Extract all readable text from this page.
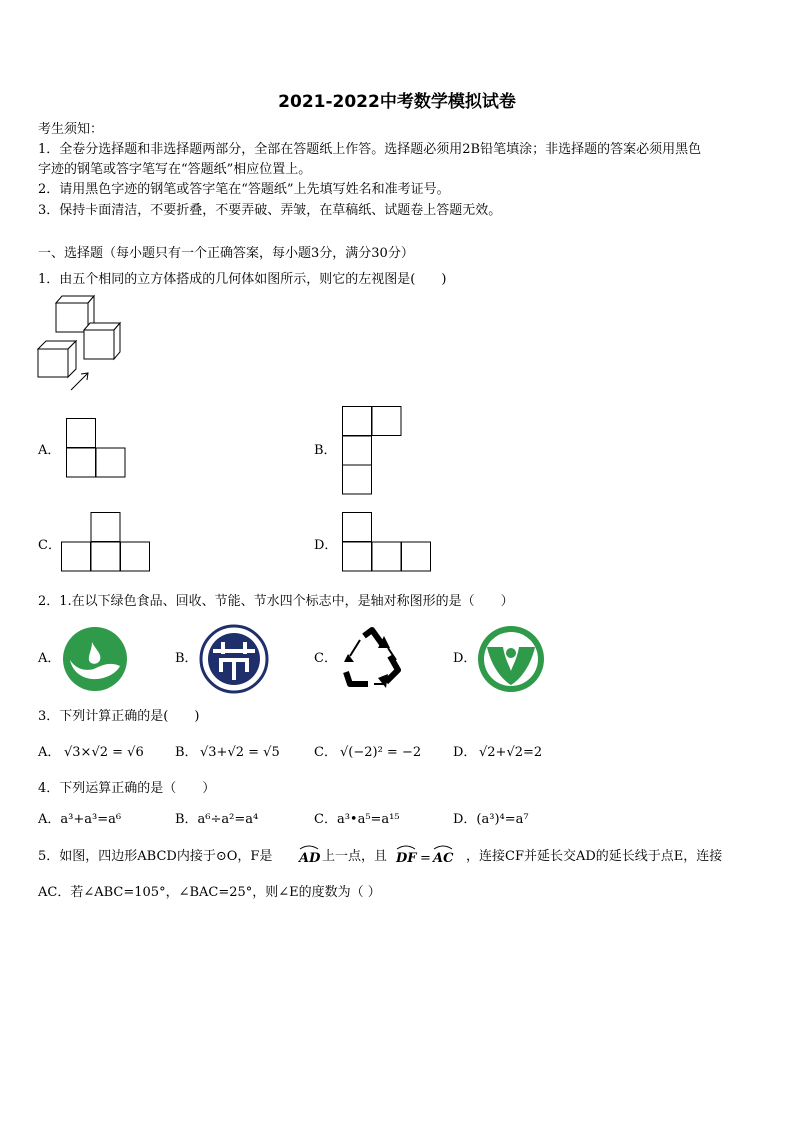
2021-2022中考数学模拟试卷
考生须知：
1．全卷分选择题和非选择题两部分，全部在答题纸上作答。选择题必须用2B铅笔填涂；非选择题的答案必须用黑色
字迹的钢笔或答字笔写在“答题纸”相应位置上。
2．请用黑色字迹的钢笔或答字笔在“答题纸”上先填写姓名和准考证号。
3．保持卡面清洁，不要折叠，不要弄破、弄皱，在草稿纸、试题卷上答题无效。
一、选择题（每小题只有一个正确答案，每小题3分，满分30分）
1．由五个相同的立方体搭成的几何体如图所示，则它的左视图是(　　)
A．	B．
C．	D．
2．1.在以下绿色食品、回收、节能、节水四个标志中，是轴对称图形的是（　　）
A．	B．	C．	D．
3．下列计算正确的是(　　)
A． √3×√2 = √6 B． √3+√2 = √5	C． √(−2)² = −2 D． √2+√2=2
4．下列运算正确的是（　　）
A．a³+a³=a⁶	B．a⁶÷a²=a⁴	C．a³•a⁵=a¹⁵	D．(a³)⁴=a⁷
5．如图，四边形ABCD内接于⊙O，F是 AD 上一点，且 DF = AC ，连接CF并延长交AD的延长线于点E，连接
AC．若∠ABC=105°，∠BAC=25°，则∠E的度数为（ ）
